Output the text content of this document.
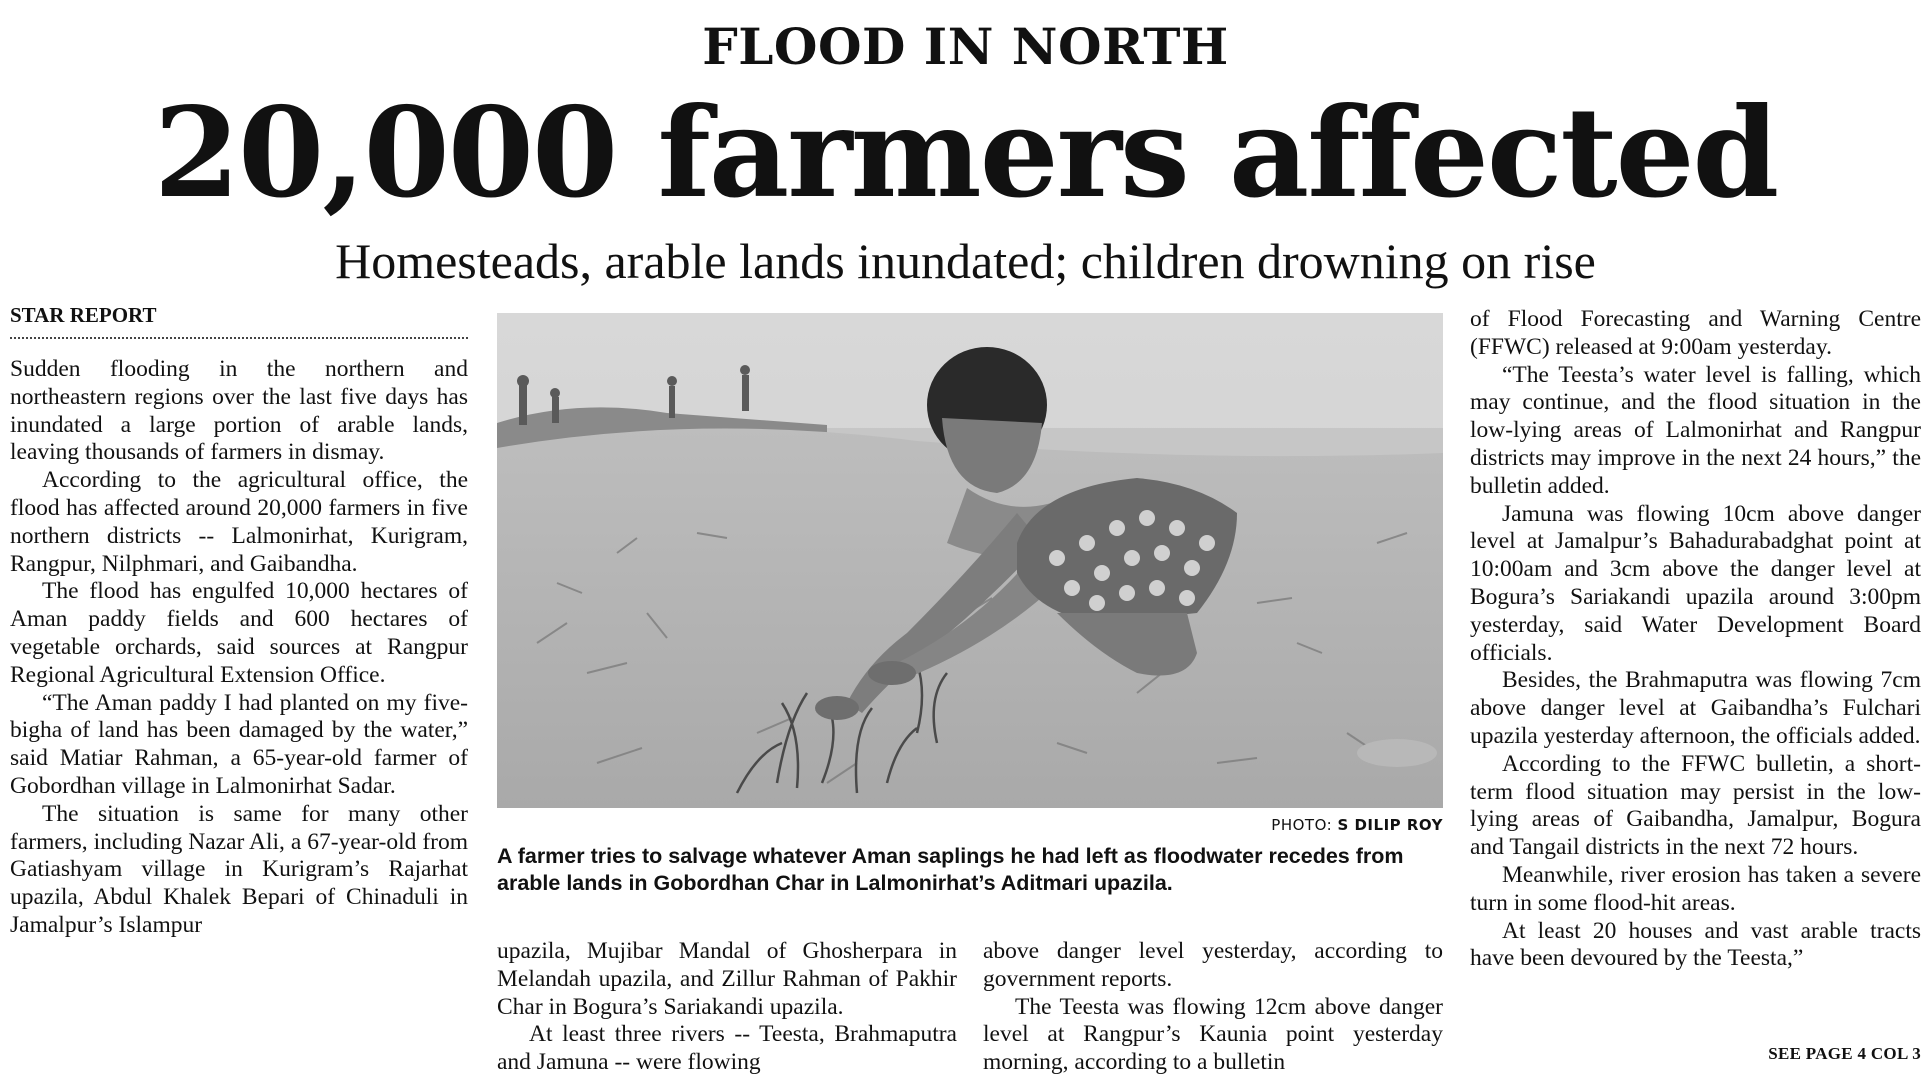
FLOOD IN NORTH
20,000 farmers affected
Homesteads, arable lands inundated; children drowning on rise
STAR REPORT

Sudden flooding in the northern and northeastern regions over the last five days has inundated a large portion of arable lands, leaving thousands of farmers in dismay.

According to the agricultural office, the flood has affected around 20,000 farmers in five northern districts -- Lalmonirhat, Kurigram, Rangpur, Nilphmari, and Gaibandha.

The flood has engulfed 10,000 hectares of Aman paddy fields and 600 hectares of vegetable orchards, said sources at Rangpur Regional Agricultural Extension Office.

“The Aman paddy I had planted on my five-bigha of land has been damaged by the water,” said Matiar Rahman, a 65-year-old farmer of Gobordhan village in Lalmonirhat Sadar.

The situation is same for many other farmers, including Nazar Ali, a 67-year-old from Gatiashyam village in Kurigram’s Rajarhat upazila, Abdul Khalek Bepari of Chinaduli in Jamalpur’s Islampur

PHOTO: S DILIP ROY
A farmer tries to salvage whatever Aman saplings he had left as floodwater recedes from arable lands in Gobordhan Char in Lalmonirhat’s Aditmari upazila.

upazila, Mujibar Mandal of Ghosherpara in Melandah upazila, and Zillur Rahman of Pakhir Char in Bogura’s Sariakandi upazila.

At least three rivers -- Teesta, Brahmaputra and Jamuna -- were flowing

above danger level yesterday, according to government reports.

The Teesta was flowing 12cm above danger level at Rangpur’s Kaunia point yesterday morning, according to a bulletin

of Flood Forecasting and Warning Centre (FFWC) released at 9:00am yesterday.

“The Teesta’s water level is falling, which may continue, and the flood situation in the low-lying areas of Lalmonirhat and Rangpur districts may improve in the next 24 hours,” the bulletin added.

Jamuna was flowing 10cm above danger level at Jamalpur’s Bahadurabadghat point at 10:00am and 3cm above the danger level at Bogura’s Sariakandi upazila around 3:00pm yesterday, said Water Development Board officials.

Besides, the Brahmaputra was flowing 7cm above danger level at Gaibandha’s Fulchari upazila yesterday afternoon, the officials added.

According to the FFWC bulletin, a short-term flood situation may persist in the low-lying areas of Gaibandha, Jamalpur, Bogura and Tangail districts in the next 72 hours.

Meanwhile, river erosion has taken a severe turn in some flood-hit areas.

At least 20 houses and vast arable tracts have been devoured by the Teesta,”

SEE PAGE 4 COL 3
